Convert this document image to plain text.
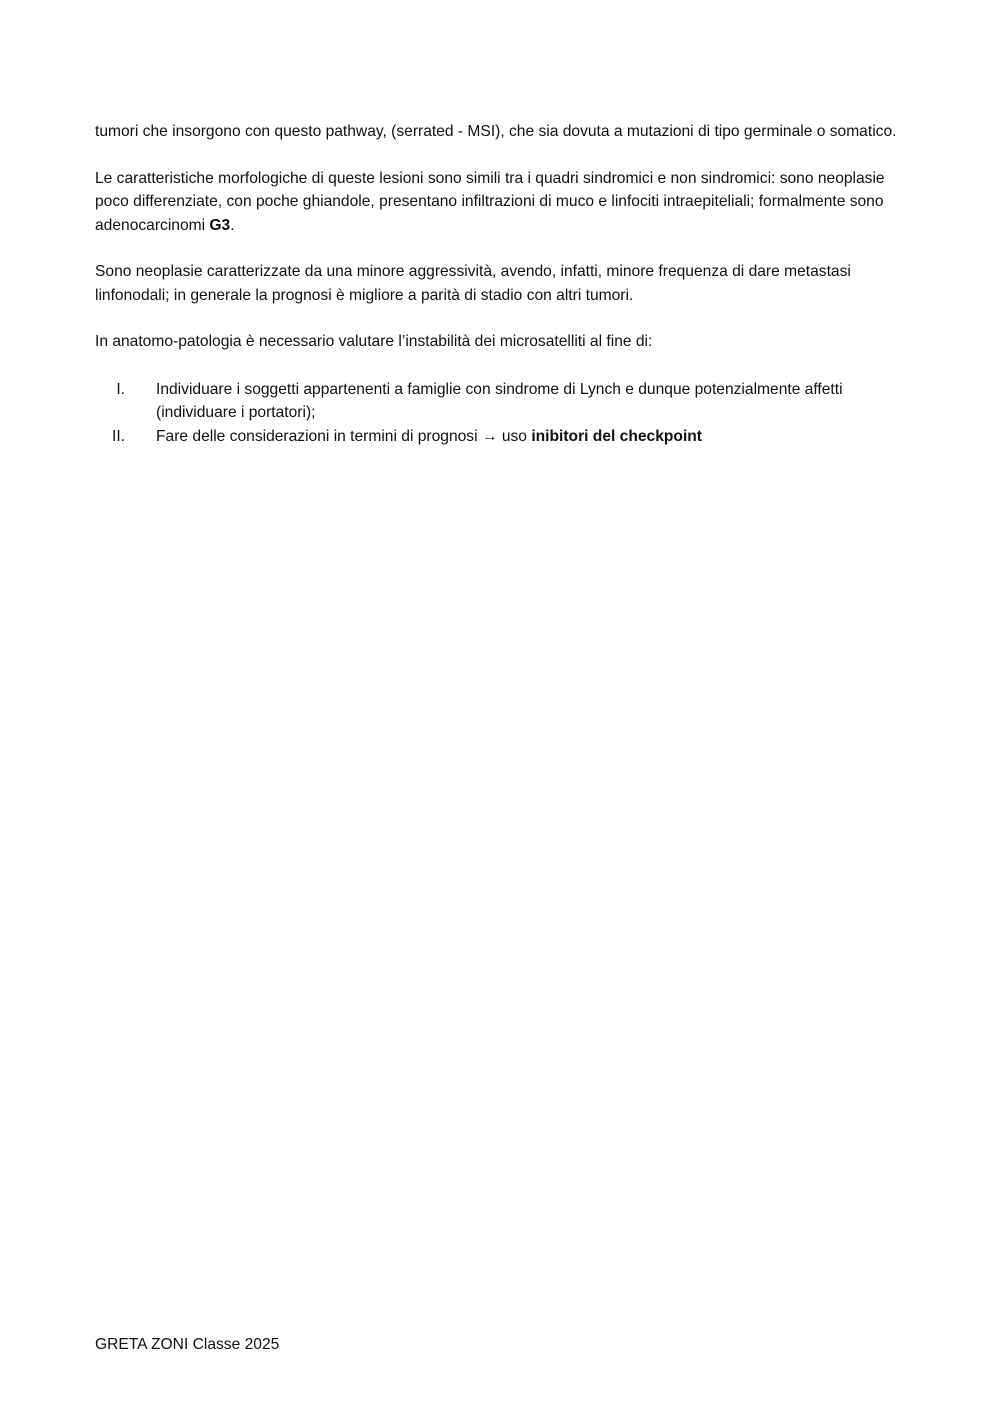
tumori che insorgono con questo pathway, (serrated - MSI), che sia dovuta a mutazioni di tipo germinale o somatico.

Le caratteristiche morfologiche di queste lesioni sono simili tra i quadri sindromici e non sindromici: sono neoplasie poco differenziate, con poche ghiandole, presentano infiltrazioni di muco e linfociti intraepiteliali; formalmente sono adenocarcinomi G3.

Sono neoplasie caratterizzate da una minore aggressività, avendo, infatti, minore frequenza di dare metastasi linfonodali; in generale la prognosi è migliore a parità di stadio con altri tumori.

In anatomo-patologia è necessario valutare l’instabilità dei microsatelliti al fine di:

I. Individuare i soggetti appartenenti a famiglie con sindrome di Lynch e dunque potenzialmente affetti (individuare i portatori);
II. Fare delle considerazioni in termini di prognosi → uso inibitori del checkpoint
GRETA ZONI Classe 2025
